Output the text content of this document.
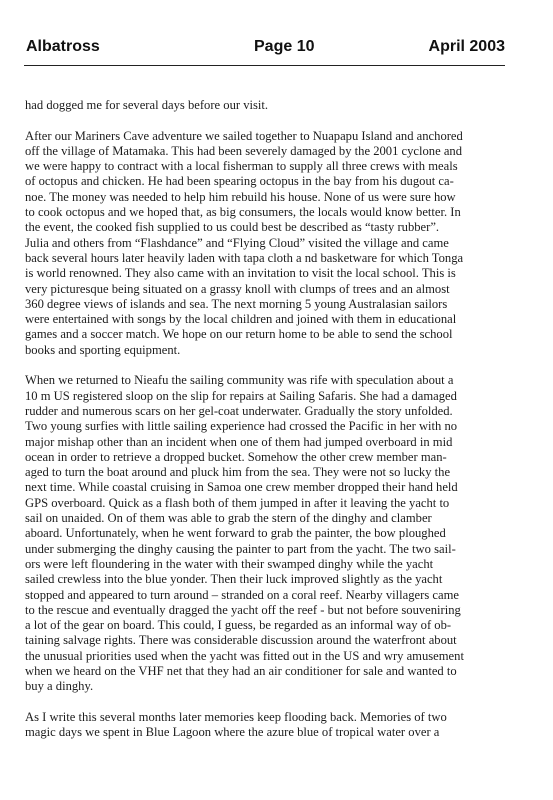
Albatross	Page 10	April 2003
had dogged me for several days before our visit.
After our Mariners Cave adventure we sailed together to Nuapapu Island and anchored
off the village of Matamaka. This had been severely damaged by the 2001 cyclone and
we were happy to contract with a local fisherman to supply all three crews with meals
of octopus and chicken. He had been spearing octopus in the bay from his dugout ca-
noe. The money was needed to help him rebuild his house. None of us were sure how
to cook octopus and we hoped that, as big consumers, the locals would know better. In
the event, the cooked fish supplied to us could best be described as “tasty rubber”.
Julia and others from “Flashdance” and “Flying Cloud” visited the village and came
back several hours later heavily laden with tapa cloth a nd basketware for which Tonga
is world renowned. They also came with an invitation to visit the local school. This is
very picturesque being situated on a grassy knoll with clumps of trees and an almost
360 degree views of islands and sea. The next morning 5 young Australasian sailors
were entertained with songs by the local children and joined with them in educational
games and a soccer match. We hope on our return home to be able to send the school
books and sporting equipment.
When we returned to Nieafu the sailing community was rife with speculation about a
10 m US registered sloop on the slip for repairs at Sailing Safaris. She had a damaged
rudder and numerous scars on her gel-coat underwater. Gradually the story unfolded.
Two young surfies with little sailing experience had crossed the Pacific in her with no
major mishap other than an incident when one of them had jumped overboard in mid
ocean in order to retrieve a dropped bucket. Somehow the other crew member man-
aged to turn the boat around and pluck him from the sea. They were not so lucky the
next time. While coastal cruising in Samoa one crew member dropped their hand held
GPS overboard. Quick as a flash both of them jumped in after it leaving the yacht to
sail on unaided. On of them was able to grab the stern of the dinghy and clamber
aboard. Unfortunately, when he went forward to grab the painter, the bow ploughed
under submerging the dinghy causing the painter to part from the yacht. The two sail-
ors were left floundering in the water with their swamped dinghy while the yacht
sailed crewless into the blue yonder. Then their luck improved slightly as the yacht
stopped and appeared to turn around – stranded on a coral reef. Nearby villagers came
to the rescue and eventually dragged the yacht off the reef - but not before souveniring
a lot of the gear on board. This could, I guess, be regarded as an informal way of ob-
taining salvage rights. There was considerable discussion around the waterfront about
the unusual priorities used when the yacht was fitted out in the US and wry amusement
when we heard on the VHF net that they had an air conditioner for sale and wanted to
buy a dinghy.
As I write this several months later memories keep flooding back. Memories of two
magic days we spent in Blue Lagoon where the azure blue of tropical water over a
